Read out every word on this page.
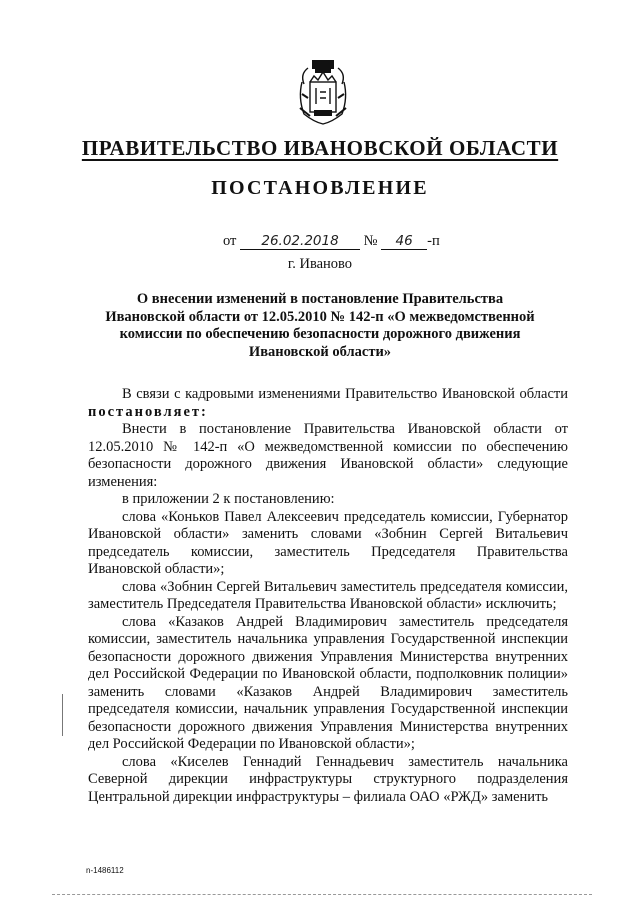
ПРАВИТЕЛЬСТВО ИВАНОВСКОЙ ОБЛАСТИ
ПОСТАНОВЛЕНИЕ
от 26.02.2018 № 46 -п
г. Иваново
О внесении изменений в постановление Правительства Ивановской области от 12.05.2010 № 142-п «О межведомственной комиссии по обеспечению безопасности дорожного движения Ивановской области»

В связи с кадровыми изменениями Правительство Ивановской области постановляет:

Внести в постановление Правительства Ивановской области от 12.05.2010 № 142-п «О межведомственной комиссии по обеспечению безопасности дорожного движения Ивановской области» следующие изменения:

в приложении 2 к постановлению:

слова «Коньков Павел Алексеевич председатель комиссии, Губернатор Ивановской области» заменить словами «Зобнин Сергей Витальевич председатель комиссии, заместитель Председателя Правительства Ивановской области»;

слова «Зобнин Сергей Витальевич заместитель председателя комиссии, заместитель Председателя Правительства Ивановской области» исключить;

слова «Казаков Андрей Владимирович заместитель председателя комиссии, заместитель начальника управления Государственной инспекции безопасности дорожного движения Управления Министерства внутренних дел Российской Федерации по Ивановской области, подполковник полиции» заменить словами «Казаков Андрей Владимирович заместитель председателя комиссии, начальник управления Государственной инспекции безопасности дорожного движения Управления Министерства внутренних дел Российской Федерации по Ивановской области»;

слова «Киселев Геннадий Геннадьевич заместитель начальника Северной дирекции инфраструктуры структурного подразделения Центральной дирекции инфраструктуры – филиала ОАО «РЖД» заменить

n-1486112
